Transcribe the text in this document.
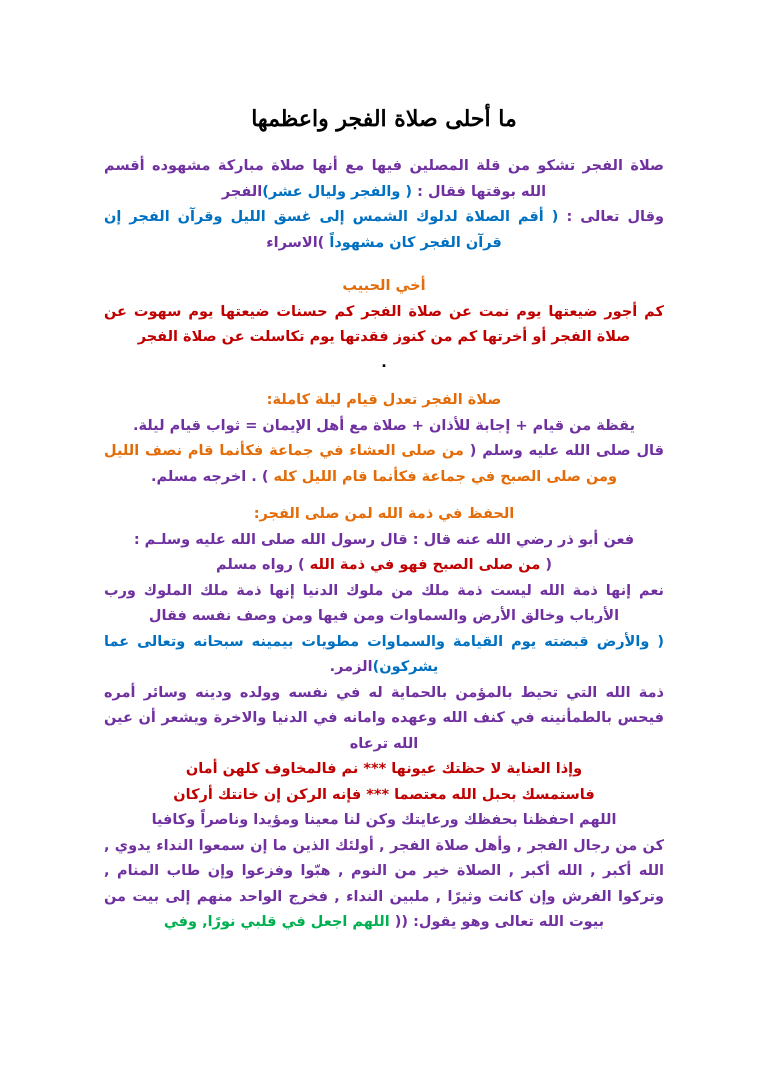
ما أحلى صلاة الفجر واعظمها

صلاة الفجر تشكو من قلة المصلين فيها مع أنها صلاة مباركة مشهوده أقسم الله بوقتها فقال : ( والفجر وليال عشر)الفجر

وقال تعالى : ( أقم الصلاة لدلوك الشمس إلى غسق الليل وقرآن الفجر إن قرآن الفجر كان مشهوداً )الاسراء

أخي الحبيب

كم أجور ضيعتها يوم نمت عن صلاة الفجر كم حسنات ضيعتها يوم سهوت عن صلاة الفجر أو أخرتها كم من كنوز فقدتها يوم تكاسلت عن صلاة الفجر

.

صلاة الفجر تعدل قيام ليلة كاملة:

يقظة من قيام + إجابة للأذان + صلاة مع أهل الإيمان = ثواب قيام ليلة.

قال صلى الله عليه وسلم ( من صلى العشاء في جماعة فكأنما قام نصف الليل ومن صلى الصبح في جماعة فكأنما قام الليل كله ) . اخرجه مسلم.

الحفظ في ذمة الله لمن صلى الفجر:

فعن أبو ذر رضي الله عنه قال : قال رسول الله صلى الله عليه وسلـم :

( من صلى الصبح فهو في ذمة الله ) رواه مسلم

نعم إنها ذمة الله ليست ذمة ملك من ملوك الدنيا إنها ذمة ملك الملوك ورب الأرباب وخالق الأرض والسماوات ومن فيها ومن وصف نفسه فقال

( والأرض قبضته يوم القيامة والسماوات مطويات بيمينه سبحانه وتعالى عما يشركون)الزمر.

ذمة الله التي تحيط بالمؤمن بالحماية له في نفسه وولده ودينه وسائر أمره فيحس بالطمأنينه في كنف الله وعهده وامانه في الدنيا والاخرة ويشعر أن عين الله ترعاه

وإذا العناية لا حظتك عيونها *** نم فالمخاوف كلهن أمان

فاستمسك بحبل الله معتصما *** فإنه الركن إن خانتك أركان

اللهم احفظنا بحفظك ورعايتك وكن لنا معينا ومؤيدا وناصراً وكافيا

كن من رجال الفجر , وأهل صلاة الفجر , أولئك الذين ما إن سمعوا النداء يدوي , الله أكبر , الله أكبر , الصلاة خير من النوم , هبّوا وفزعوا وإن طاب المنام , وتركوا الفرش وإن كانت وثيرًا , ملبين النداء , فخرج الواحد منهم إلى بيت من بيوت الله تعالى وهو يقول: (( اللهم اجعل في قلبي نورًا, وفي
